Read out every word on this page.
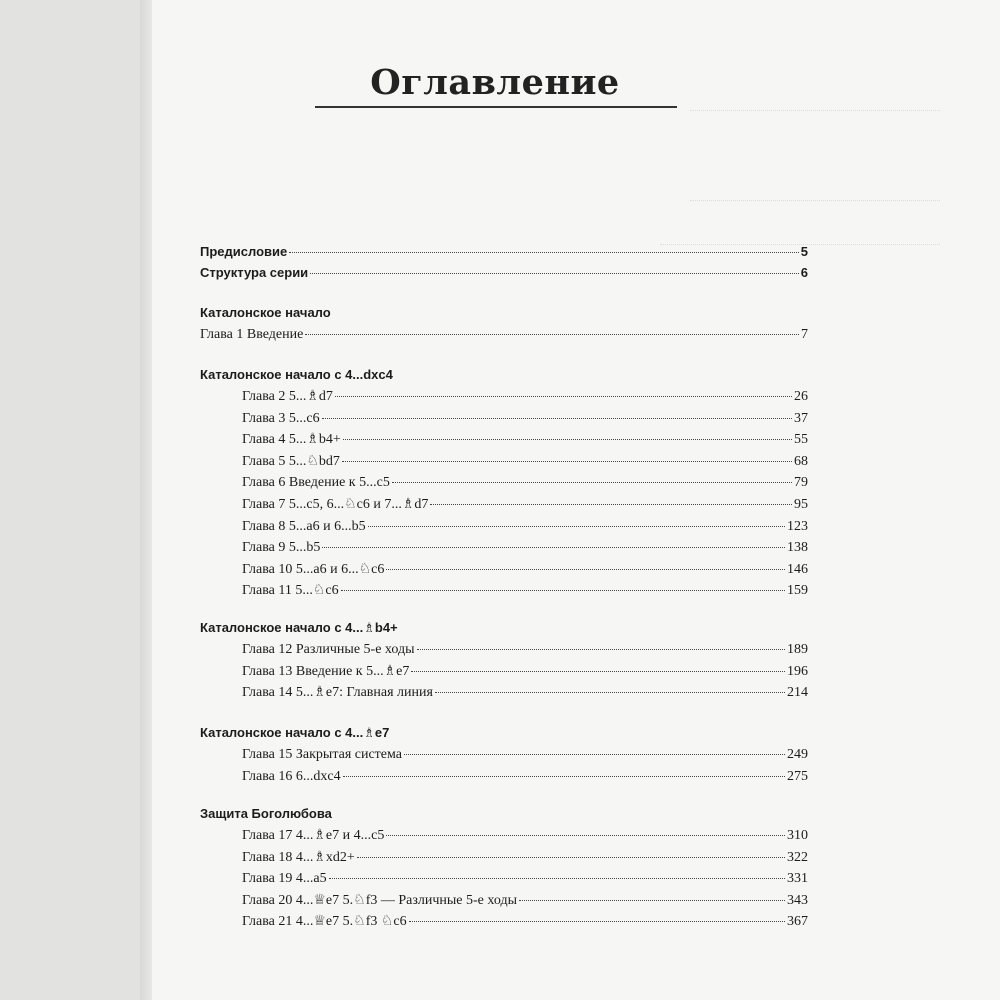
Оглавление
Предисловие	5
Структура серии	6
Каталонское начало
Глава 1 Введение	7
Каталонское начало с 4...dxc4
Глава 2 5...♗d7	26
Глава 3 5...c6	37
Глава 4 5...♗b4+	55
Глава 5 5...♘bd7	68
Глава 6 Введение к 5...c5	79
Глава 7 5...c5, 6...♘c6 и 7...♗d7	95
Глава 8 5...a6 и 6...b5	123
Глава 9 5...b5	138
Глава 10 5...a6 и 6...♘c6	146
Глава 11 5...♘c6	159
Каталонское начало с 4...♗b4+
Глава 12 Различные 5-е ходы	189
Глава 13 Введение к 5...♗e7	196
Глава 14 5...♗e7: Главная линия	214
Каталонское начало с 4...♗e7
Глава 15 Закрытая система	249
Глава 16 6...dxc4	275
Защита Боголюбова
Глава 17 4...♗e7 и 4...c5	310
Глава 18 4...♗xd2+	322
Глава 19 4...a5	331
Глава 20 4...♕e7 5.♘f3 — Различные 5-е ходы	343
Глава 21 4...♕e7 5.♘f3 ♘c6	367
